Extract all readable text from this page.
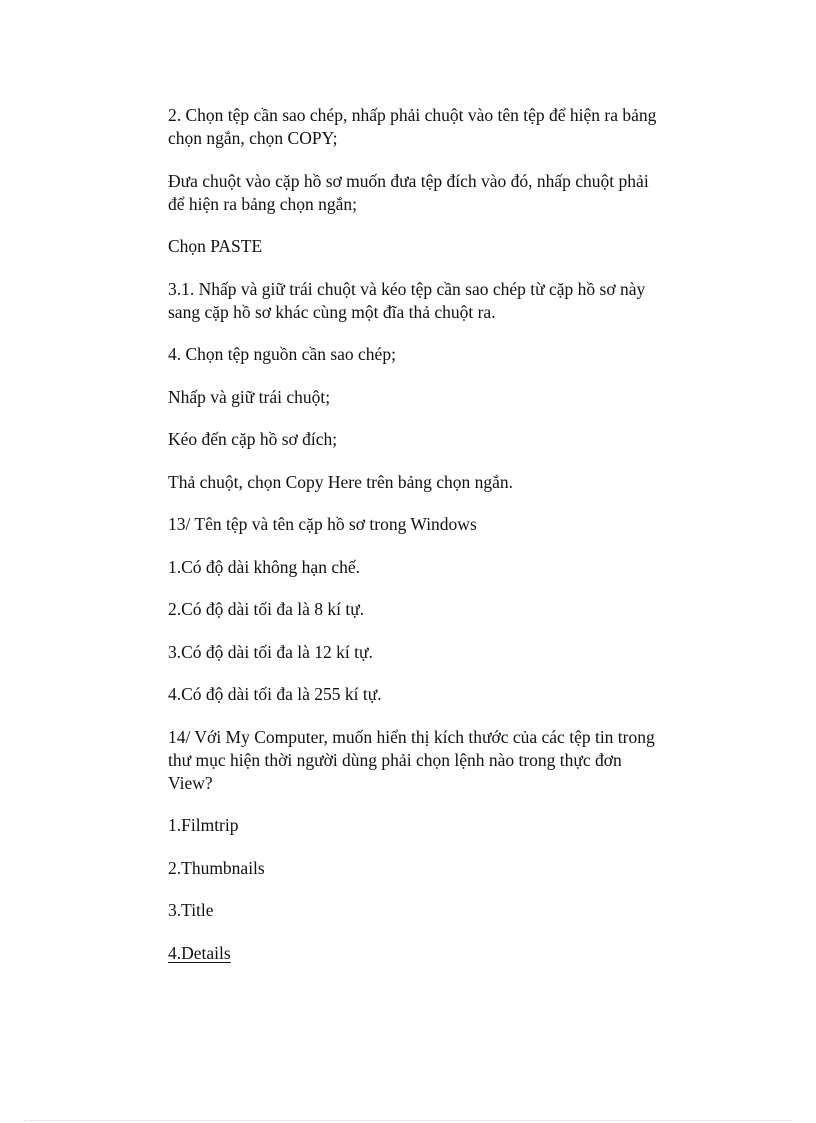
2. Chọn tệp cần sao chép, nhấp phải chuột vào tên tệp để hiện ra bảng chọn ngắn, chọn COPY;

Đưa chuột vào cặp hồ sơ muốn đưa tệp đích vào đó, nhấp chuột phải để hiện ra bảng chọn ngắn;

Chọn PASTE

3.1. Nhấp và giữ trái chuột và kéo tệp cần sao chép từ cặp hồ sơ này sang cặp hồ sơ khác cùng một đĩa thả chuột ra.

4. Chọn tệp nguồn cần sao chép;

Nhấp và giữ trái chuột;

Kéo đến cặp hồ sơ đích;

Thả chuột, chọn Copy Here trên bảng chọn ngắn.

13/ Tên tệp và tên cặp hồ sơ trong Windows

1.Có độ dài không hạn chế.

2.Có độ dài tối đa là 8 kí tự.

3.Có độ dài tối đa là 12 kí tự.

4.Có độ dài tối đa là 255 kí tự.

14/ Với My Computer, muốn hiển thị kích thước của các tệp tin trong thư mục hiện thời người dùng phải chọn lệnh nào trong thực đơn View?

1.Filmtrip

2.Thumbnails

3.Title

4.Details
